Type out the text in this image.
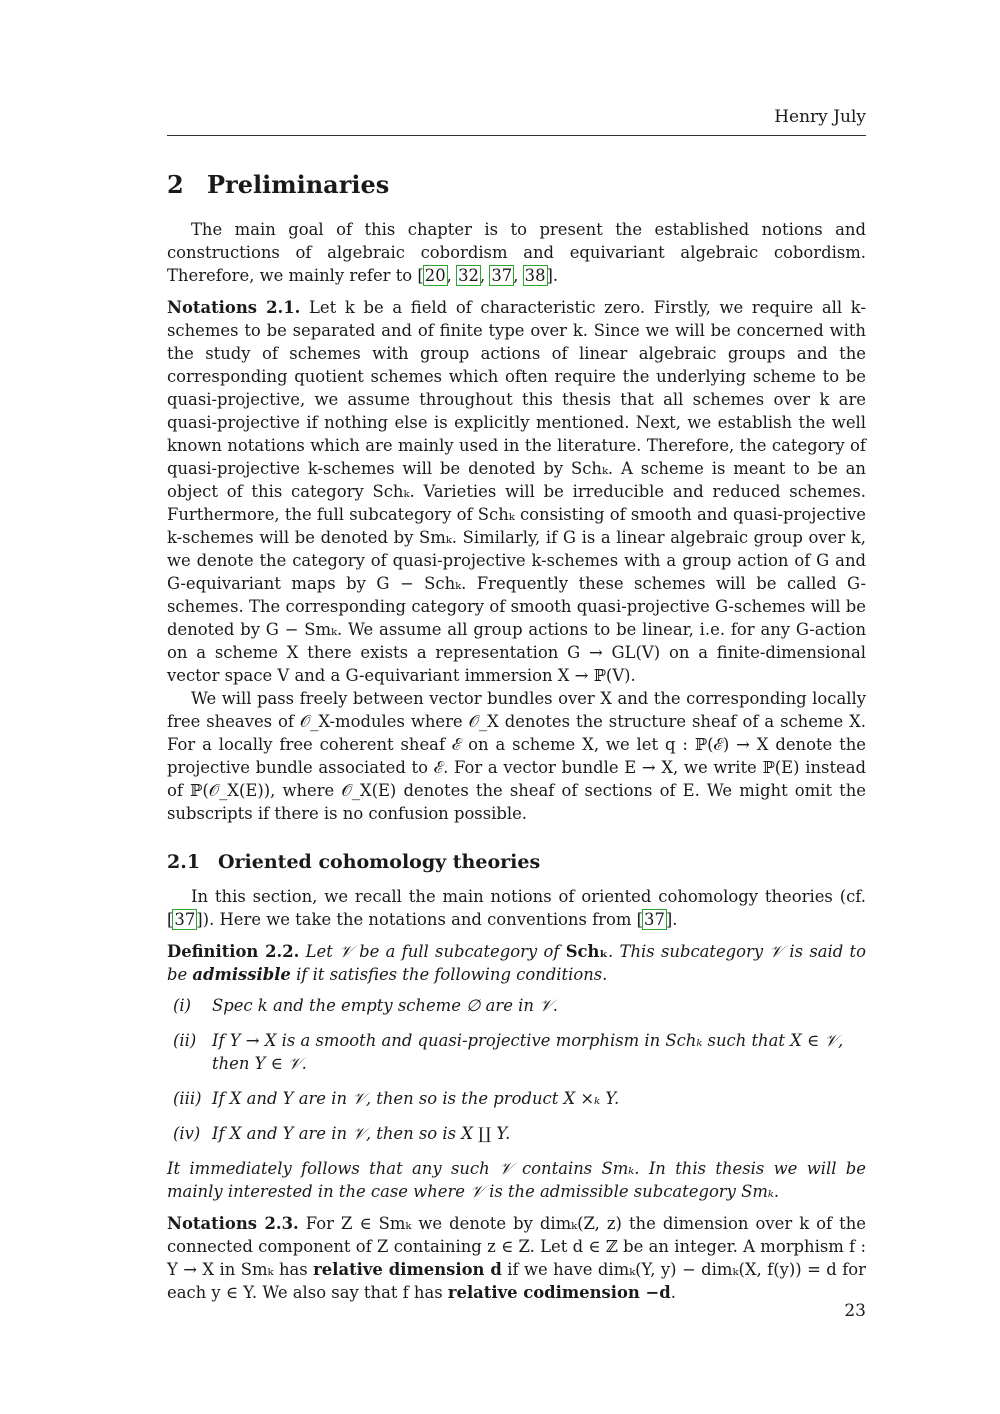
Henry July
2 Preliminaries

The main goal of this chapter is to present the established notions and constructions of algebraic cobordism and equivariant algebraic cobordism. Therefore, we mainly refer to [20, 32, 37, 38].

Notations 2.1. Let k be a field of characteristic zero. Firstly, we require all k-schemes to be separated and of finite type over k. Since we will be concerned with the study of schemes with group actions of linear algebraic groups and the corresponding quotient schemes which often require the underlying scheme to be quasi-projective, we assume throughout this thesis that all schemes over k are quasi-projective if nothing else is explicitly mentioned. Next, we establish the well known notations which are mainly used in the literature. Therefore, the category of quasi-projective k-schemes will be denoted by Schₖ. A scheme is meant to be an object of this category Schₖ. Varieties will be irreducible and reduced schemes. Furthermore, the full subcategory of Schₖ consisting of smooth and quasi-projective k-schemes will be denoted by Smₖ. Similarly, if G is a linear algebraic group over k, we denote the category of quasi-projective k-schemes with a group action of G and G-equivariant maps by G − Schₖ. Frequently these schemes will be called G-schemes. The corresponding category of smooth quasi-projective G-schemes will be denoted by G − Smₖ. We assume all group actions to be linear, i.e. for any G-action on a scheme X there exists a representation G → GL(V) on a finite-dimensional vector space V and a G-equivariant immersion X → ℙ(V).

We will pass freely between vector bundles over X and the corresponding locally free sheaves of 𝒪_X-modules where 𝒪_X denotes the structure sheaf of a scheme X. For a locally free coherent sheaf ℰ on a scheme X, we let q : ℙ(ℰ) → X denote the projective bundle associated to ℰ. For a vector bundle E → X, we write ℙ(E) instead of ℙ(𝒪_X(E)), where 𝒪_X(E) denotes the sheaf of sections of E. We might omit the subscripts if there is no confusion possible.

2.1 Oriented cohomology theories

In this section, we recall the main notions of oriented cohomology theories (cf. [37]). Here we take the notations and conventions from [37].

Definition 2.2. Let 𝒱 be a full subcategory of Schₖ. This subcategory 𝒱 is said to be admissible if it satisfies the following conditions.

(i)	Spec k and the empty scheme ∅ are in 𝒱.
(ii) If Y → X is a smooth and quasi-projective morphism in Schₖ such that X ∈ 𝒱, then Y ∈ 𝒱.
(iii) If X and Y are in 𝒱, then so is the product X ×ₖ Y.
(iv) If X and Y are in 𝒱, then so is X ∐ Y.

It immediately follows that any such 𝒱 contains Smₖ. In this thesis we will be mainly interested in the case where 𝒱 is the admissible subcategory Smₖ.

Notations 2.3. For Z ∈ Smₖ we denote by dimₖ(Z, z) the dimension over k of the connected component of Z containing z ∈ Z. Let d ∈ ℤ be an integer. A morphism f : Y → X in Smₖ has relative dimension d if we have dimₖ(Y, y) − dimₖ(X, f(y)) = d for each y ∈ Y. We also say that f has relative codimension −d.

23
